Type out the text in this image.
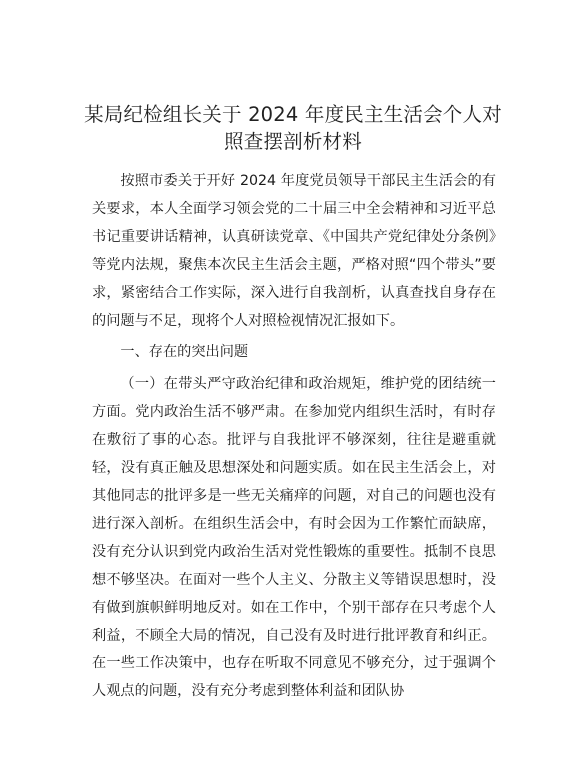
某局纪检组长关于 2024 年度民主生活会个人对照查摆剖析材料

按照市委关于开好 2024 年度党员领导干部民主生活会的有关要求，本人全面学习领会党的二十届三中全会精神和习近平总书记重要讲话精神，认真研读党章、《中国共产党纪律处分条例》等党内法规，聚焦本次民主生活会主题，严格对照“四个带头”要求，紧密结合工作实际，深入进行自我剖析，认真查找自身存在的问题与不足，现将个人对照检视情况汇报如下。

一、存在的突出问题

（一）在带头严守政治纪律和政治规矩，维护党的团结统一方面。党内政治生活不够严肃。在参加党内组织生活时，有时存在敷衍了事的心态。批评与自我批评不够深刻，往往是避重就轻，没有真正触及思想深处和问题实质。如在民主生活会上，对其他同志的批评多是一些无关痛痒的问题，对自己的问题也没有进行深入剖析。在组织生活会中，有时会因为工作繁忙而缺席，没有充分认识到党内政治生活对党性锻炼的重要性。抵制不良思想不够坚决。在面对一些个人主义、分散主义等错误思想时，没有做到旗帜鲜明地反对。如在工作中，个别干部存在只考虑个人利益，不顾全大局的情况，自己没有及时进行批评教育和纠正。在一些工作决策中，也存在听取不同意见不够充分，过于强调个人观点的问题，没有充分考虑到整体利益和团队协
